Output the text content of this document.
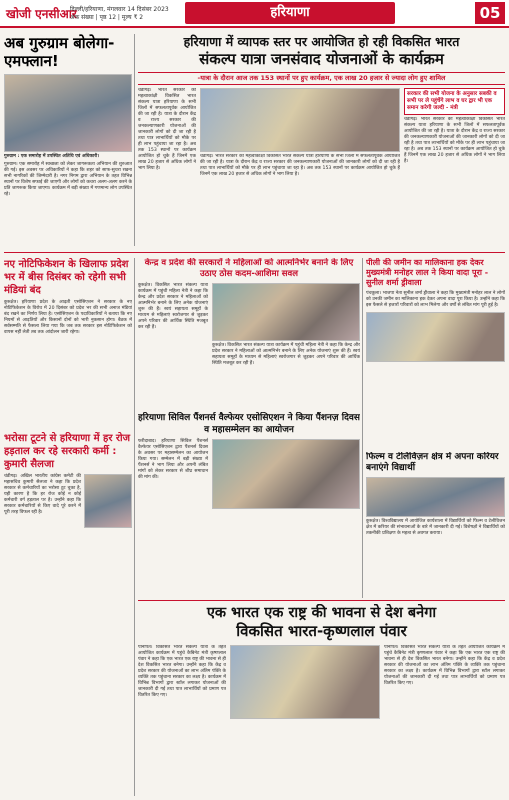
खोजी एनसीआर
दिल्ली/हरियाणा, मंगलवार 14 दिसंबर 2023
अंक संख्या | पृष्ठ 12 | मूल्य ₹ 2	हरियाणा	05
अब गुरुग्राम बोलेगा-एमफ्लान!
गुरुग्राम : एक समारोह में उपस्थित अतिथि एवं अधिकारी।
गुरुग्राम। एक समारोह में स्वच्छता को लेकर जागरूकता अभियान की शुरुआत की गई। इस अवसर पर अधिकारियों ने कहा कि शहर को साफ-सुथरा रखना सभी नागरिकों की जिम्मेदारी है। नगर निगम द्वारा अभियान के तहत विभिन्न स्थानों पर विशेष सफाई की जाएगी और लोगों को कचरा अलग-अलग करने के प्रति जागरूक किया जाएगा। कार्यक्रम में बड़ी संख्या में गणमान्य लोग उपस्थित रहे।
हरियाणा में व्यापक स्तर पर आयोजित हो रही विकसित भारत
संकल्प यात्रा जनसंवाद योजनाओं के कार्यक्रम
-यात्रा के दौरान आज तक 153 स्थानों पर हुए कार्यक्रम, एक लाख 20 हजार से ज्यादा लोग हुए शामिल
चंडीगढ़। भारत सरकार की महत्वाकांक्षी विकसित भारत संकल्प यात्रा हरियाणा के सभी जिलों में सफलतापूर्वक आयोजित की जा रही है। यात्रा के दौरान केंद्र व राज्य सरकार की जनकल्याणकारी योजनाओं की जानकारी लोगों को दी जा रही है तथा पात्र लाभार्थियों को मौके पर ही लाभ पहुंचाया जा रहा है। अब तक 153 स्थानों पर कार्यक्रम आयोजित हो चुके हैं जिनमें एक लाख 20 हजार से अधिक लोगों ने भाग लिया है।
चंडीगढ़। भारत सरकार की महत्वाकांक्षी विकसित भारत संकल्प यात्रा हरियाणा के सभी जिलों में सफलतापूर्वक आयोजित की जा रही है। यात्रा के दौरान केंद्र व राज्य सरकार की जनकल्याणकारी योजनाओं की जानकारी लोगों को दी जा रही है तथा पात्र लाभार्थियों को मौके पर ही लाभ पहुंचाया जा रहा है। अब तक 153 स्थानों पर कार्यक्रम आयोजित हो चुके हैं जिनमें एक लाख 20 हजार से अधिक लोगों ने भाग लिया है।
सरकार की सभी योजना के अनुसार सबकी व सभी पर ले पहुंचेंगे लाभ व घर द्वार भी एक समान करेगी जल्दी - मंत्री
चंडीगढ़। भारत सरकार की महत्वाकांक्षी विकसित भारत संकल्प यात्रा हरियाणा के सभी जिलों में सफलतापूर्वक आयोजित की जा रही है। यात्रा के दौरान केंद्र व राज्य सरकार की जनकल्याणकारी योजनाओं की जानकारी लोगों को दी जा रही है तथा पात्र लाभार्थियों को मौके पर ही लाभ पहुंचाया जा रहा है। अब तक 153 स्थानों पर कार्यक्रम आयोजित हो चुके हैं जिनमें एक लाख 20 हजार से अधिक लोगों ने भाग लिया है।
नए नोटिफिकेशन के खिलाफ प्रदेश भर में बीस दिसंबर को रहेगी सभी मंडियां बंद
कुरुक्षेत्र। हरियाणा प्रदेश के आढ़ती एसोसिएशन ने सरकार के नए नोटिफिकेशन के विरोध में 20 दिसंबर को प्रदेश भर की सभी अनाज मंडियां बंद रखने का निर्णय लिया है। एसोसिएशन के पदाधिकारियों ने बताया कि नए नियमों से आढ़तियों और किसानों दोनों को भारी नुकसान होगा। बैठक में सर्वसम्मति से फैसला लिया गया कि जब तक सरकार इस नोटिफिकेशन को वापस नहीं लेती तब तक आंदोलन जारी रहेगा।
भरोसा टूटने से हरियाणा में हर रोज हड़ताल कर रहे सरकारी कर्मी : कुमारी सैलजा
चंडीगढ़। अखिल भारतीय कांग्रेस कमेटी की महासचिव कुमारी सैलजा ने कहा कि प्रदेश सरकार से कर्मचारियों का भरोसा टूट चुका है, यही कारण है कि हर रोज कोई न कोई कर्मचारी वर्ग हड़ताल पर है। उन्होंने कहा कि सरकार कर्मचारियों से किए वादे पूरे करने में पूरी तरह विफल रही है।
केन्द्र व प्रदेश की सरकारों ने महिलाओं को आत्मनिर्भर बनाने के लिए उठाए ठोस कदम-आशिमा सवल
कुरुक्षेत्र। विकसित भारत संकल्प यात्रा कार्यक्रम में पहुंची महिला नेत्री ने कहा कि केन्द्र और प्रदेश सरकार ने महिलाओं को आत्मनिर्भर बनाने के लिए अनेक योजनाएं शुरू की हैं। स्वयं सहायता समूहों के माध्यम से महिलाएं स्वरोजगार से जुड़कर अपने परिवार की आर्थिक स्थिति मजबूत कर रही हैं।
कुरुक्षेत्र। विकसित भारत संकल्प यात्रा कार्यक्रम में पहुंची महिला नेत्री ने कहा कि केन्द्र और प्रदेश सरकार ने महिलाओं को आत्मनिर्भर बनाने के लिए अनेक योजनाएं शुरू की हैं। स्वयं सहायता समूहों के माध्यम से महिलाएं स्वरोजगार से जुड़कर अपने परिवार की आर्थिक स्थिति मजबूत कर रही हैं।
पीली की जमीन का मालिकाना हक देकर मुख्यमंत्री मनोहर लाल ने किया वादा पूरा - सुनील शर्मा ड्रीवाला
पंचकूला। भाजपा नेता सुनील शर्मा ड्रीवाला ने कहा कि मुख्यमंत्री मनोहर लाल ने लोगों को उनकी जमीन का मालिकाना हक देकर अपना वादा पूरा किया है। उन्होंने कहा कि इस फैसले से हजारों परिवारों को लाभ मिलेगा और वर्षों से लंबित मांग पूरी हुई है।
हरियाणा सिविल पैंशनर्स वैल्फेयर एसोसिएशन ने किया पैंशनज़ दिवस व महासम्मेलन का आयोजन
फरीदाबाद। हरियाणा सिविल पैंशनर्स वैल्फेयर एसोसिएशन द्वारा पैंशनर्स दिवस के अवसर पर महासम्मेलन का आयोजन किया गया। सम्मेलन में बड़ी संख्या में पैंशनर्स ने भाग लिया और अपनी लंबित मांगों को लेकर सरकार से शीघ्र समाधान की मांग की।
फिल्म व टेलिविज़न क्षेत्र में अपना करियर बनाएंगे विद्यार्थी
कुरुक्षेत्र। विश्वविद्यालय में आयोजित कार्यशाला में विद्यार्थियों को फिल्म व टेलीविजन क्षेत्र में करियर की संभावनाओं के बारे में जानकारी दी गई। विशेषज्ञों ने विद्यार्थियों को तकनीकी प्रशिक्षण के महत्व से अवगत कराया।
एक भारत एक राष्ट्र की भावना से देश बनेगा
विकसित भारत-कृष्णलाल पंवार
पानीपत। विकसित भारत संकल्प यात्रा के तहत आयोजित कार्यक्रम में पहुंचे कैबिनेट मंत्री कृष्णलाल पंवार ने कहा कि एक भारत एक राष्ट्र की भावना से ही देश विकसित भारत बनेगा। उन्होंने कहा कि केंद्र व प्रदेश सरकार की योजनाओं का लाभ अंतिम पंक्ति के व्यक्ति तक पहुंचाना सरकार का लक्ष्य है। कार्यक्रम में विभिन्न विभागों द्वारा स्टॉल लगाकर योजनाओं की जानकारी दी गई तथा पात्र लाभार्थियों को प्रमाण पत्र वितरित किए गए।
पानीपत। विकसित भारत संकल्प यात्रा के तहत आयोजित कार्यक्रम में पहुंचे कैबिनेट मंत्री कृष्णलाल पंवार ने कहा कि एक भारत एक राष्ट्र की भावना से ही देश विकसित भारत बनेगा। उन्होंने कहा कि केंद्र व प्रदेश सरकार की योजनाओं का लाभ अंतिम पंक्ति के व्यक्ति तक पहुंचाना सरकार का लक्ष्य है। कार्यक्रम में विभिन्न विभागों द्वारा स्टॉल लगाकर योजनाओं की जानकारी दी गई तथा पात्र लाभार्थियों को प्रमाण पत्र वितरित किए गए।
